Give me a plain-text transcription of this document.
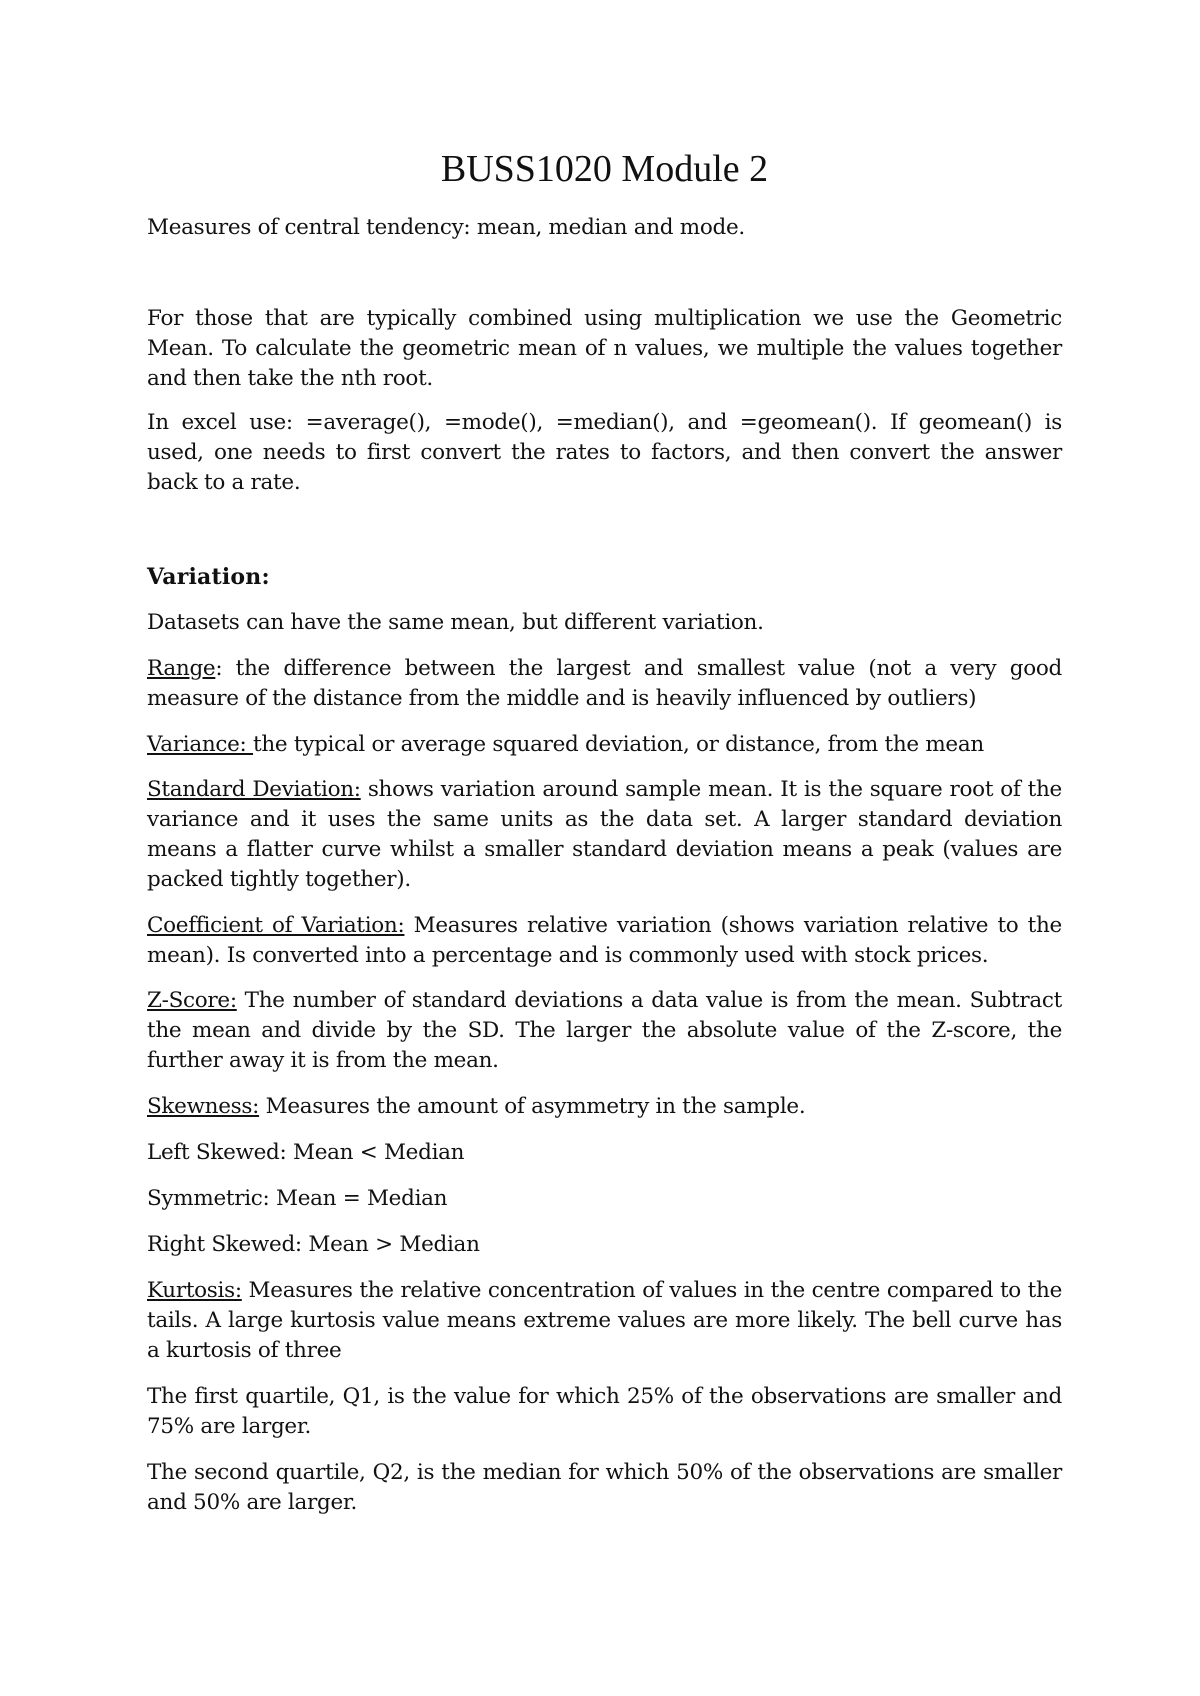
BUSS1020 Module 2

Measures of central tendency: mean, median and mode.

For those that are typically combined using multiplication we use the Geometric Mean. To calculate the geometric mean of n values, we multiple the values together and then take the nth root.

In excel use: =average(), =mode(), =median(), and =geomean(). If geomean() is used, one needs to first convert the rates to factors, and then convert the answer back to a rate.

Variation:

Datasets can have the same mean, but different variation.

Range: the difference between the largest and smallest value (not a very good measure of the distance from the middle and is heavily influenced by outliers)

Variance: the typical or average squared deviation, or distance, from the mean

Standard Deviation: shows variation around sample mean. It is the square root of the variance and it uses the same units as the data set. A larger standard deviation means a flatter curve whilst a smaller standard deviation means a peak (values are packed tightly together).

Coefficient of Variation: Measures relative variation (shows variation relative to the mean). Is converted into a percentage and is commonly used with stock prices.

Z-Score: The number of standard deviations a data value is from the mean. Subtract the mean and divide by the SD. The larger the absolute value of the Z-score, the further away it is from the mean.

Skewness: Measures the amount of asymmetry in the sample.

Left Skewed: Mean < Median

Symmetric: Mean = Median

Right Skewed: Mean > Median

Kurtosis: Measures the relative concentration of values in the centre compared to the tails. A large kurtosis value means extreme values are more likely. The bell curve has a kurtosis of three

The first quartile, Q1, is the value for which 25% of the observations are smaller and 75% are larger.

The second quartile, Q2, is the median for which 50% of the observations are smaller and 50% are larger.
